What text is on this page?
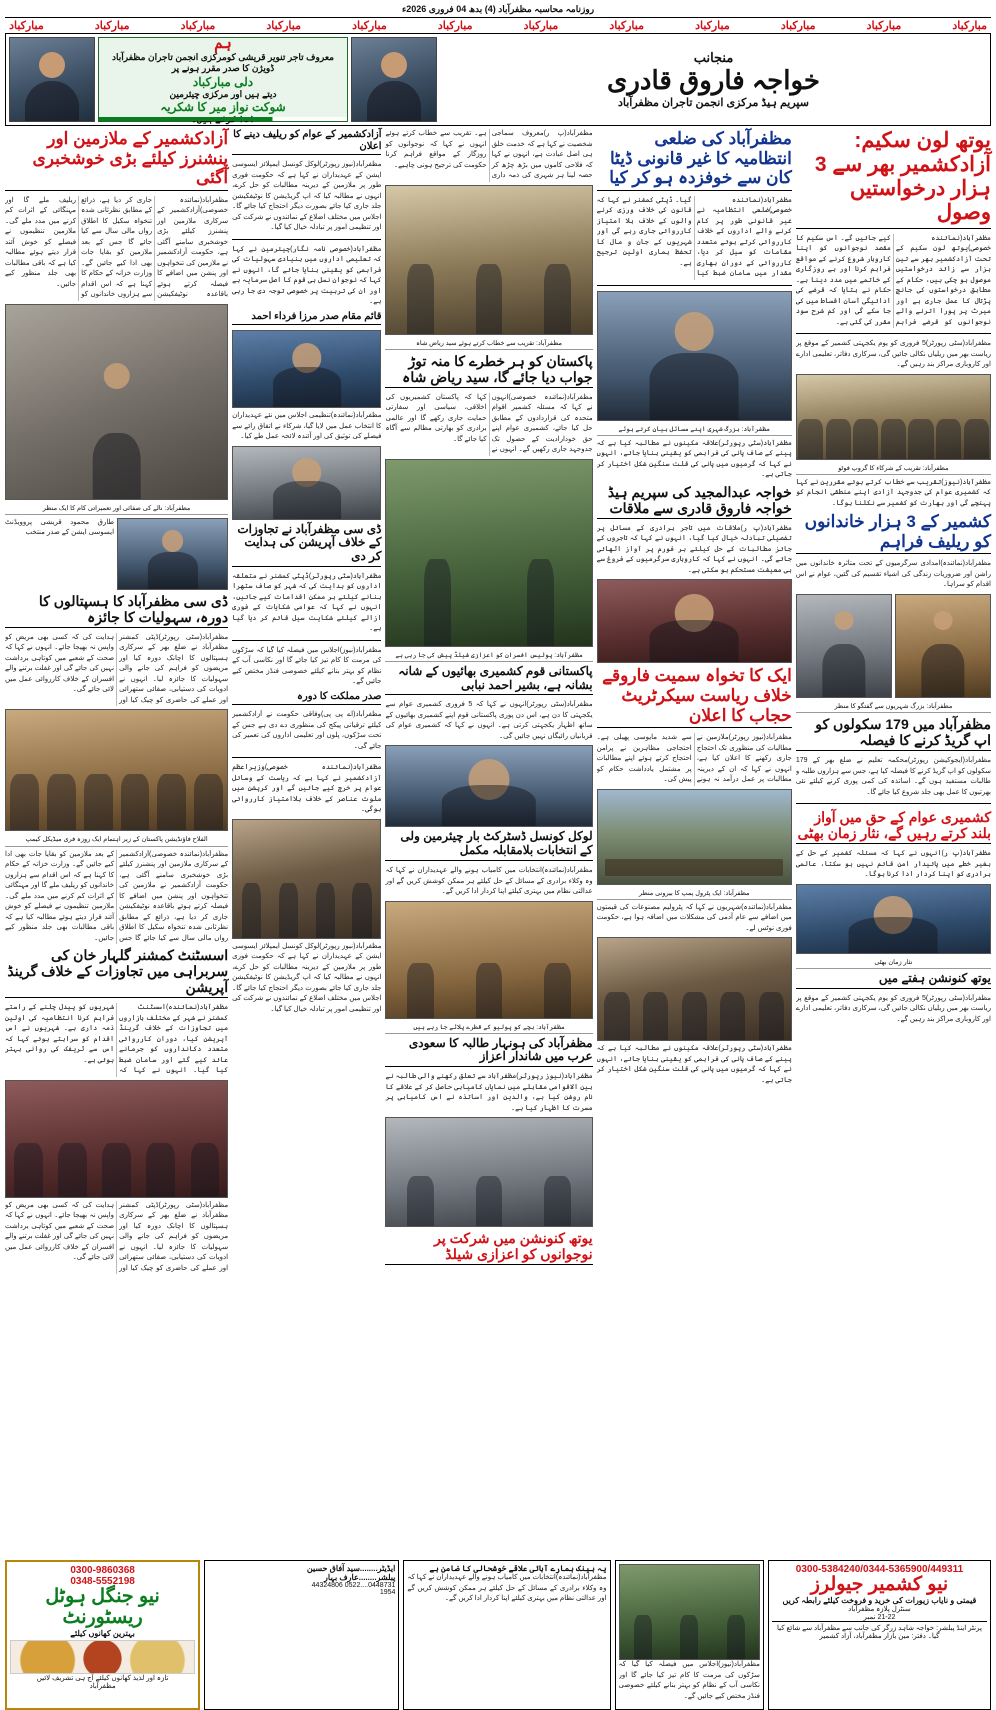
روزنامہ محاسبہ مظفرآباد (4) بدھ 04 فروری 2026ء
مبارکباد
مبارکباد
مبارکباد
مبارکباد
مبارکباد
مبارکباد
مبارکباد
مبارکباد
مبارکباد
مبارکباد
مبارکباد
مبارکباد
منجانب
خواجہ فاروق قادری
سپریم ہیڈ مرکزی انجمن تاجران مظفرآباد
ہم
معروف تاجر تنویر قریشی کومرکزی انجمن تاجران مظفرآباد ڈویژن کا صدر مقرر ہونے پر
دلی مبارکباد
دیتے ہیں اور مرکزی چیئرمین
شوکت نواز میر کا شکریہ
یوتھ لون سکیم: آزادکشمیر بھر سے 3 ہزار درخواستیں وصول
مظفرآباد(نمائندہ خصوصی)یوتھ لون سکیم کے تحت آزادکشمیر بھر سے تین ہزار سے زائد درخواستیں موصول ہو چکی ہیں، حکام کے مطابق درخواستوں کی جانچ پڑتال کا عمل جاری ہے اور میرٹ پر پورا اترنے والے نوجوانوں کو قرضے فراہم کیے جائیں گے۔ اس سکیم کا مقصد نوجوانوں کو اپنا کاروبار شروع کرنے کے مواقع فراہم کرنا اور بے روزگاری کے خاتمے میں مدد دینا ہے۔ حکام نے بتایا کہ قرضے کی ادائیگی آسان اقساط میں کی جا سکے گی اور کم شرح سود مقرر کی گئی ہے۔
مظفرآباد(سٹی رپورٹر)5 فروری کو یوم یکجہتی کشمیر کے موقع پر ریاست بھر میں ریلیاں نکالی جائیں گی، سرکاری دفاتر، تعلیمی ادارے اور کاروباری مراکز بند رہیں گے۔
مظفرآباد: تقریب کے شرکاء کا گروپ فوٹو
مظفرآباد(نیوز)تقریب سے خطاب کرتے ہوئے مقررین نے کہا کہ کشمیری عوام کی جدوجہد آزادی اپنے منطقی انجام کو پہنچے گی اور بھارت کو کشمیر سے نکلنا ہوگا۔
کشمیر کے 3 ہزار خاندانوں کو ریلیف فراہم
مظفرآباد(نمائندہ)امدادی سرگرمیوں کے تحت متاثرہ خاندانوں میں راشن اور ضروریات زندگی کی اشیاء تقسیم کی گئیں، عوام نے اس اقدام کو سراہا۔
مظفرآباد: بزرگ شہریوں سے گفتگو کا منظر
مظفرآباد میں 179 سکولوں کو اپ گریڈ کرنے کا فیصلہ
مظفرآباد(ایجوکیشن رپورٹر)محکمہ تعلیم نے ضلع بھر کے 179 سکولوں کو اپ گریڈ کرنے کا فیصلہ کیا ہے، جس سے ہزاروں طلبہ و طالبات مستفید ہوں گے۔ اساتذہ کی کمی پوری کرنے کیلئے نئی بھرتیوں کا عمل بھی جلد شروع کیا جائے گا۔
کشمیری عوام کے حق میں آواز بلند کرتے رہیں گے، نثار زمان بھٹی
مظفرآباد(پ ر)انہوں نے کہا کہ مسئلہ کشمیر کے حل کے بغیر خطے میں پائیدار امن قائم نہیں ہو سکتا، عالمی برادری کو اپنا کردار ادا کرنا ہوگا۔
نثار زمان بھٹی
یوتھ کنونشن ہفتے میں
مظفرآباد(سٹی رپورٹر)5 فروری کو یوم یکجہتی کشمیر کے موقع پر ریاست بھر میں ریلیاں نکالی جائیں گی، سرکاری دفاتر، تعلیمی ادارے اور کاروباری مراکز بند رہیں گے۔
مظفرآباد کی ضلعی انتظامیہ کا غیر قانونی ڈیٹا کان سے خوفزدہ ہو کر کیا
مظفرآباد(نمائندہ خصوصی)ضلعی انتظامیہ نے غیر قانونی طور پر کام کرنے والے اداروں کے خلاف کارروائی کرتے ہوئے متعدد مقامات کو سیل کر دیا، کارروائی کے دوران بھاری مقدار میں سامان ضبط کیا گیا۔ ڈپٹی کمشنر نے کہا کہ قانون کی خلاف ورزی کرنے والوں کے خلاف بلا امتیاز کارروائی جاری رہے گی اور شہریوں کے جان و مال کا تحفظ ہماری اولین ترجیح ہے۔
مظفرآباد: بزرگ شہری اپنے مسائل بیان کرتے ہوئے
مظفرآباد(سٹی رپورٹر)علاقہ مکینوں نے مطالبہ کیا ہے کہ پینے کے صاف پانی کی فراہمی کو یقینی بنایا جائے، انہوں نے کہا کہ گرمیوں میں پانی کی قلت سنگین شکل اختیار کر جاتی ہے۔
خواجہ عبدالمجید کی سپریم ہیڈ خواجہ فاروق قادری سے ملاقات
مظفرآباد(پ ر)ملاقات میں تاجر برادری کے مسائل پر تفصیلی تبادلہ خیال کیا گیا، انہوں نے کہا کہ تاجروں کے جائز مطالبات کے حل کیلئے ہر فورم پر آواز اٹھائی جائے گی۔ انہوں نے کہا کہ کاروباری سرگرمیوں کے فروغ سے ہی معیشت مستحکم ہو سکتی ہے۔
ایک کا تخواہ سمیت فاروقے خلاف ریاست سیکرٹریٹ حجاب کا اعلان
مظفرآباد(نیوز رپورٹر)ملازمین نے مطالبات کی منظوری تک احتجاج جاری رکھنے کا اعلان کیا ہے، انہوں نے کہا کہ ان کے دیرینہ مطالبات پر عمل درآمد نہ ہونے سے شدید مایوسی پھیلی ہے۔ احتجاجی مظاہرین نے پرامن احتجاج کرتے ہوئے اپنے مطالبات پر مشتمل یادداشت حکام کو پیش کی۔
مظفرآباد: ایک پٹرول پمپ کا بیرونی منظر
مظفرآباد(نمائندہ)شہریوں نے کہا کہ پٹرولیم مصنوعات کی قیمتوں میں اضافے سے عام آدمی کی مشکلات میں اضافہ ہوا ہے، حکومت فوری نوٹس لے۔
مظفرآباد(سٹی رپورٹر)علاقہ مکینوں نے مطالبہ کیا ہے کہ پینے کے صاف پانی کی فراہمی کو یقینی بنایا جائے، انہوں نے کہا کہ گرمیوں میں پانی کی قلت سنگین شکل اختیار کر جاتی ہے۔
مظفرآباد(پ ر)معروف سماجی شخصیت نے کہا ہے کہ خدمت خلق ہی اصل عبادت ہے، انہوں نے کہا کہ فلاحی کاموں میں بڑھ چڑھ کر حصہ لینا ہر شہری کی ذمہ داری ہے۔ تقریب سے خطاب کرتے ہوئے انہوں نے کہا کہ نوجوانوں کو روزگار کے مواقع فراہم کرنا حکومت کی ترجیح ہونی چاہیے۔
مظفرآباد: تقریب سے خطاب کرتے ہوئے سید ریاض شاہ
پاکستان کو ہر خطرے کا منہ توڑ جواب دیا جائے گا، سید ریاض شاہ
مظفرآباد(نمائندہ خصوصی)انہوں نے کہا کہ مسئلہ کشمیر اقوام متحدہ کی قراردادوں کے مطابق حل کیا جائے، کشمیری عوام اپنے حق خودارادیت کے حصول تک جدوجہد جاری رکھیں گے۔ انہوں نے کہا کہ پاکستان کشمیریوں کی اخلاقی، سیاسی اور سفارتی حمایت جاری رکھے گا اور عالمی برادری کو بھارتی مظالم سے آگاہ کیا جائے گا۔
مظفرآباد: پولیس افسران کو اعزازی شیلڈ پیش کی جا رہی ہے
پاکستانی قوم کشمیری بھائیوں کے شانہ بشانہ ہے، بشیر احمد نبابی
مظفرآباد(سٹی رپورٹر)انہوں نے کہا کہ 5 فروری کشمیری عوام سے یکجہتی کا دن ہے، اس دن پوری پاکستانی قوم اپنے کشمیری بھائیوں کے ساتھ اظہار یکجہتی کرتی ہے۔ انہوں نے کہا کہ کشمیری عوام کی قربانیاں رائیگاں نہیں جائیں گی۔
لوکل کونسل ڈسٹرکٹ بار چیئرمین ولی کے انتخابات بلامقابلہ مکمل
مظفرآباد(نمائندہ)انتخابات میں کامیاب ہونے والے عہدیداران نے کہا کہ وہ وکلاء برادری کے مسائل کے حل کیلئے ہر ممکن کوشش کریں گے اور عدالتی نظام میں بہتری کیلئے اپنا کردار ادا کریں گے۔
مظفرآباد: بچے کو پولیو کے قطرے پلائے جا رہے ہیں
مظفرآباد کی ہونہار طالبہ کا سعودی عرب میں شاندار اعزاز
مظفرآباد(نیوز رپورٹر)مظفرآباد سے تعلق رکھنے والی طالبہ نے بین الاقوامی مقابلے میں نمایاں کامیابی حاصل کر کے علاقے کا نام روشن کیا ہے، والدین اور اساتذہ نے اس کامیابی پر مسرت کا اظہار کیا ہے۔
یوتھ کنونشن میں شرکت پر نوجوانوں کو اعزازی شیلڈ
آزادکشمیر کے عوام کو ریلیف دینے کا اعلان
مظفرآباد(نیوز رپورٹر)لوکل کونسل ایمپلائز ایسوسی ایشن کے عہدیداران نے کہا ہے کہ حکومت فوری طور پر ملازمین کے دیرینہ مطالبات کو حل کرے، انہوں نے مطالبہ کیا کہ اپ گریڈیشن کا نوٹیفکیشن جلد جاری کیا جائے بصورت دیگر احتجاج کیا جائے گا۔ اجلاس میں مختلف اضلاع کے نمائندوں نے شرکت کی اور تنظیمی امور پر تبادلہ خیال کیا گیا۔
مظفرآباد(خصوصی نامہ نگار)چیئرمین نے کہا کہ تعلیمی اداروں میں بنیادی سہولیات کی فراہمی کو یقینی بنایا جائے گا، انہوں نے کہا کہ نوجوان نسل ہی قوم کا اصل سرمایہ ہے اور ان کی تربیت پر خصوصی توجہ دی جا رہی ہے۔
قائم مقام صدر مرزا فرداء احمد
مظفرآباد(نمائندہ)تنظیمی اجلاس میں نئے عہدیداران کا انتخاب عمل میں لایا گیا، شرکاء نے اتفاق رائے سے فیصلے کی توثیق کی اور آئندہ لائحہ عمل طے کیا۔
ڈی سی مظفرآباد نے تجاوزات کے خلاف آپریشن کی ہدایت کر دی
مظفرآباد(سٹی رپورٹر)ڈپٹی کمشنر نے متعلقہ اداروں کو ہدایت کی کہ شہر کو صاف ستھرا بنانے کیلئے ہر ممکن اقدامات کیے جائیں، انہوں نے کہا کہ عوامی شکایات کے فوری ازالے کیلئے شکایت سیل قائم کر دیا گیا ہے۔
مظفرآباد(نیوز)اجلاس میں فیصلہ کیا گیا کہ سڑکوں کی مرمت کا کام تیز کیا جائے گا اور نکاسی آب کے نظام کو بہتر بنانے کیلئے خصوصی فنڈز مختص کیے جائیں گے۔
صدر مملکت کا دورہ
مظفرآباد(اے پی پی)وفاقی حکومت نے آزادکشمیر کیلئے ترقیاتی پیکج کی منظوری دے دی ہے جس کے تحت سڑکوں، پلوں اور تعلیمی اداروں کی تعمیر کی جائے گی۔
مظفرآباد(نمائندہ خصوصی)وزیراعظم آزادکشمیر نے کہا ہے کہ ریاست کے وسائل عوام پر خرچ کیے جائیں گے اور کرپشن میں ملوث عناصر کے خلاف بلاامتیاز کارروائی ہوگی۔
مظفرآباد(نیوز رپورٹر)لوکل کونسل ایمپلائز ایسوسی ایشن کے عہدیداران نے کہا ہے کہ حکومت فوری طور پر ملازمین کے دیرینہ مطالبات کو حل کرے، انہوں نے مطالبہ کیا کہ اپ گریڈیشن کا نوٹیفکیشن جلد جاری کیا جائے بصورت دیگر احتجاج کیا جائے گا۔ اجلاس میں مختلف اضلاع کے نمائندوں نے شرکت کی اور تنظیمی امور پر تبادلہ خیال کیا گیا۔
آزادکشمیر کے ملازمین اور پنشنرز کیلئے بڑی خوشخبری آگئی
مظفرآباد(نمائندہ خصوصی)آزادکشمیر کے سرکاری ملازمین اور پنشنرز کیلئے بڑی خوشخبری سامنے آگئی ہے، حکومت آزادکشمیر نے ملازمین کی تنخواہوں اور پنشن میں اضافے کا فیصلہ کرتے ہوئے باقاعدہ نوٹیفکیشن جاری کر دیا ہے، ذرائع کے مطابق نظرثانی شدہ تنخواہ سکیل کا اطلاق رواں مالی سال سے کیا جائے گا جس کے بعد ملازمین کو بقایا جات بھی ادا کیے جائیں گے۔ وزارت خزانہ کے حکام کا کہنا ہے کہ اس اقدام سے ہزاروں خاندانوں کو ریلیف ملے گا اور مہنگائی کے اثرات کم کرنے میں مدد ملے گی۔ ملازمین تنظیموں نے فیصلے کو خوش آئند قرار دیتے ہوئے مطالبہ کیا ہے کہ باقی مطالبات بھی جلد منظور کیے جائیں۔
مظفرآباد: نالے کی صفائی اور تعمیراتی کام کا ایک منظر
طارق محمود قریشی پروویڈنٹ ایسوسی ایشن کے صدر منتخب
ڈی سی مظفرآباد کا ہسپتالوں کا دورہ، سہولیات کا جائزہ
مظفرآباد(سٹی رپورٹر)ڈپٹی کمشنر مظفرآباد نے ضلع بھر کے سرکاری ہسپتالوں کا اچانک دورہ کیا اور مریضوں کو فراہم کی جانے والی سہولیات کا جائزہ لیا۔ انہوں نے ادویات کی دستیابی، صفائی ستھرائی اور عملے کی حاضری کو چیک کیا اور ہدایت کی کہ کسی بھی مریض کو واپس نہ بھیجا جائے۔ انہوں نے کہا کہ صحت کے شعبے میں کوتاہی برداشت نہیں کی جائے گی اور غفلت برتنے والے افسران کے خلاف کارروائی عمل میں لائی جائے گی۔
الفلاح فاؤنڈیشن پاکستان کے زیر اہتمام ایک روزہ فری میڈیکل کیمپ
مظفرآباد(نمائندہ خصوصی)آزادکشمیر کے سرکاری ملازمین اور پنشنرز کیلئے بڑی خوشخبری سامنے آگئی ہے، حکومت آزادکشمیر نے ملازمین کی تنخواہوں اور پنشن میں اضافے کا فیصلہ کرتے ہوئے باقاعدہ نوٹیفکیشن جاری کر دیا ہے، ذرائع کے مطابق نظرثانی شدہ تنخواہ سکیل کا اطلاق رواں مالی سال سے کیا جائے گا جس کے بعد ملازمین کو بقایا جات بھی ادا کیے جائیں گے۔ وزارت خزانہ کے حکام کا کہنا ہے کہ اس اقدام سے ہزاروں خاندانوں کو ریلیف ملے گا اور مہنگائی کے اثرات کم کرنے میں مدد ملے گی۔ ملازمین تنظیموں نے فیصلے کو خوش آئند قرار دیتے ہوئے مطالبہ کیا ہے کہ باقی مطالبات بھی جلد منظور کیے جائیں۔
اسسٹنٹ کمشنر گلہار خان کی سربراہی میں تجاوزات کے خلاف گرینڈ آپریشن
مظفرآباد(نمائندہ)اسسٹنٹ کمشنر نے شہر کے مختلف بازاروں میں تجاوزات کے خلاف گرینڈ آپریشن کیا، دوران کارروائی متعدد دکانداروں کو جرمانے عائد کیے گئے اور سامان ضبط کیا گیا۔ انہوں نے کہا کہ شہریوں کو پیدل چلنے کے راستے فراہم کرنا انتظامیہ کی اولین ذمہ داری ہے۔ شہریوں نے اس اقدام کو سراہتے ہوئے کہا کہ اس سے ٹریفک کی روانی بہتر ہوئی ہے۔
مظفرآباد(سٹی رپورٹر)ڈپٹی کمشنر مظفرآباد نے ضلع بھر کے سرکاری ہسپتالوں کا اچانک دورہ کیا اور مریضوں کو فراہم کی جانے والی سہولیات کا جائزہ لیا۔ انہوں نے ادویات کی دستیابی، صفائی ستھرائی اور عملے کی حاضری کو چیک کیا اور ہدایت کی کہ کسی بھی مریض کو واپس نہ بھیجا جائے۔ انہوں نے کہا کہ صحت کے شعبے میں کوتاہی برداشت نہیں کی جائے گی اور غفلت برتنے والے افسران کے خلاف کارروائی عمل میں لائی جائے گی۔
0300-5384240/0344-5365900/449311
نیو کشمیر جیولرز
قیمتی و نایاب زیورات کی خرید و فروخت کیلئے رابطہ کریں
سنٹرل پلازہ مظفرآباد
21-22 نمبر
پرنٹر اینڈ پبلشر: خواجہ شاہد زرگر کی جانب سے مظفرآباد سے شائع کیا گیا۔ دفتر: مین بازار مظفرآباد، آزاد کشمیر
مظفرآباد(نیوز)اجلاس میں فیصلہ کیا گیا کہ سڑکوں کی مرمت کا کام تیز کیا جائے گا اور نکاسی آب کے نظام کو بہتر بنانے کیلئے خصوصی فنڈز مختص کیے جائیں گے۔
یہ بینک ہمارے آبائی علاقے خوشحالی کا ضامن ہے
مظفرآباد(نمائندہ)انتخابات میں کامیاب ہونے والے عہدیداران نے کہا کہ وہ وکلاء برادری کے مسائل کے حل کیلئے ہر ممکن کوشش کریں گے اور عدالتی نظام میں بہتری کیلئے اپنا کردار ادا کریں گے۔
ایڈیٹر........سید آفاق حسین
پبلشر........عارف بہار
0448731....0522 44324806
1954
0300-9860368
0348-5552198
نیو جنگل ہوٹل ریسٹورنٹ
بہترین کھانوں کیلئے
تازہ اور لذیذ کھانوں کیلئے آج ہی تشریف لائیں
مظفرآباد
